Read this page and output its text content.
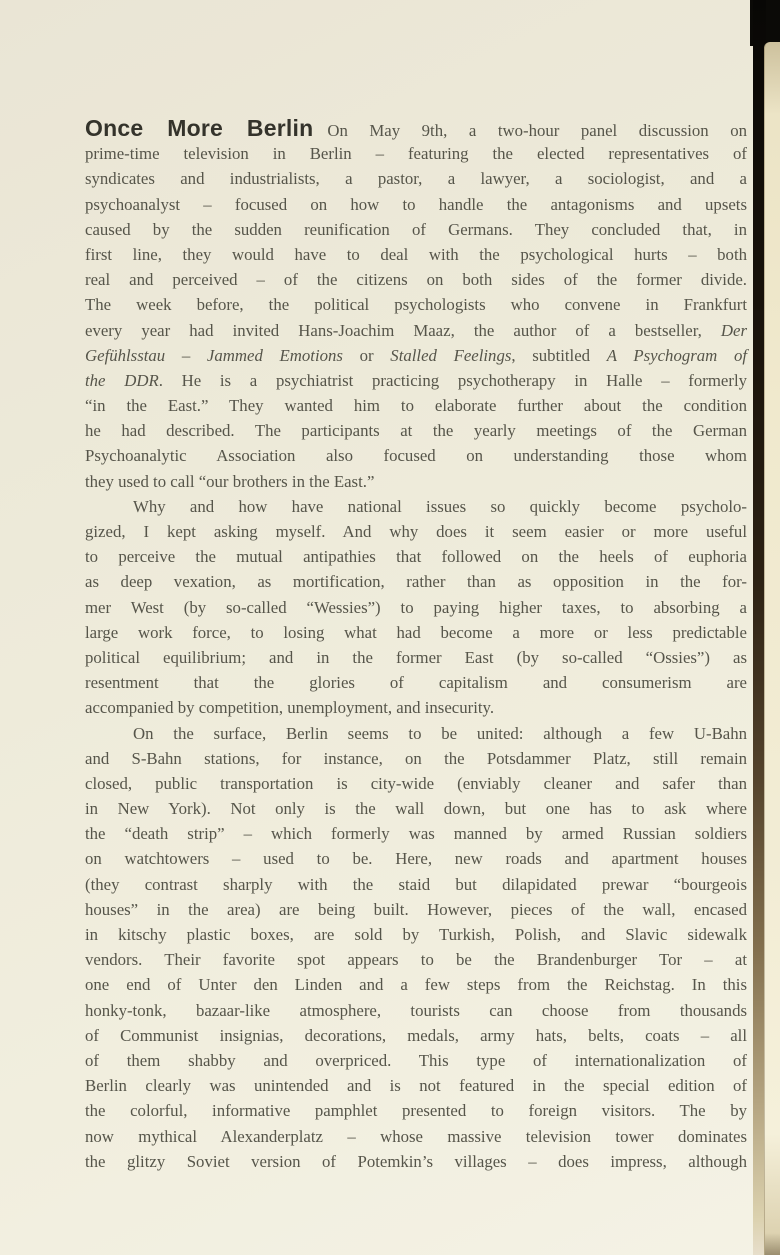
Once More Berlin On May 9th, a two-hour panel discussion on
prime-time television in Berlin – featuring the elected representatives of
syndicates and industrialists, a pastor, a lawyer, a sociologist, and a
psychoanalyst – focused on how to handle the antagonisms and upsets
caused by the sudden reunification of Germans. They concluded that, in
first line, they would have to deal with the psychological hurts – both
real and perceived – of the citizens on both sides of the former divide.
The week before, the political psychologists who convene in Frankfurt
every year had invited Hans-Joachim Maaz, the author of a bestseller, Der
Gefühlsstau – Jammed Emotions or Stalled Feelings, subtitled A Psychogram of
the DDR. He is a psychiatrist practicing psychotherapy in Halle – formerly
“in the East.” They wanted him to elaborate further about the condition
he had described. The participants at the yearly meetings of the German
Psychoanalytic Association also focused on understanding those whom
they used to call “our brothers in the East.”
Why and how have national issues so quickly become psycholo-
gized, I kept asking myself. And why does it seem easier or more useful
to perceive the mutual antipathies that followed on the heels of euphoria
as deep vexation, as mortification, rather than as opposition in the for-
mer West (by so-called “Wessies”) to paying higher taxes, to absorbing a
large work force, to losing what had become a more or less predictable
political equilibrium; and in the former East (by so-called “Ossies”) as
resentment that the glories of capitalism and consumerism are
accompanied by competition, unemployment, and insecurity.
On the surface, Berlin seems to be united: although a few U-Bahn
and S-Bahn stations, for instance, on the Potsdammer Platz, still remain
closed, public transportation is city-wide (enviably cleaner and safer than
in New York). Not only is the wall down, but one has to ask where
the “death strip” – which formerly was manned by armed Russian soldiers
on watchtowers – used to be. Here, new roads and apartment houses
(they contrast sharply with the staid but dilapidated prewar “bourgeois
houses” in the area) are being built. However, pieces of the wall, encased
in kitschy plastic boxes, are sold by Turkish, Polish, and Slavic sidewalk
vendors. Their favorite spot appears to be the Brandenburger Tor – at
one end of Unter den Linden and a few steps from the Reichstag. In this
honky-tonk, bazaar-like atmosphere, tourists can choose from thousands
of Communist insignias, decorations, medals, army hats, belts, coats – all
of them shabby and overpriced. This type of internationalization of
Berlin clearly was unintended and is not featured in the special edition of
the colorful, informative pamphlet presented to foreign visitors. The by
now mythical Alexanderplatz – whose massive television tower dominates
the glitzy Soviet version of Potemkin’s villages – does impress, although
